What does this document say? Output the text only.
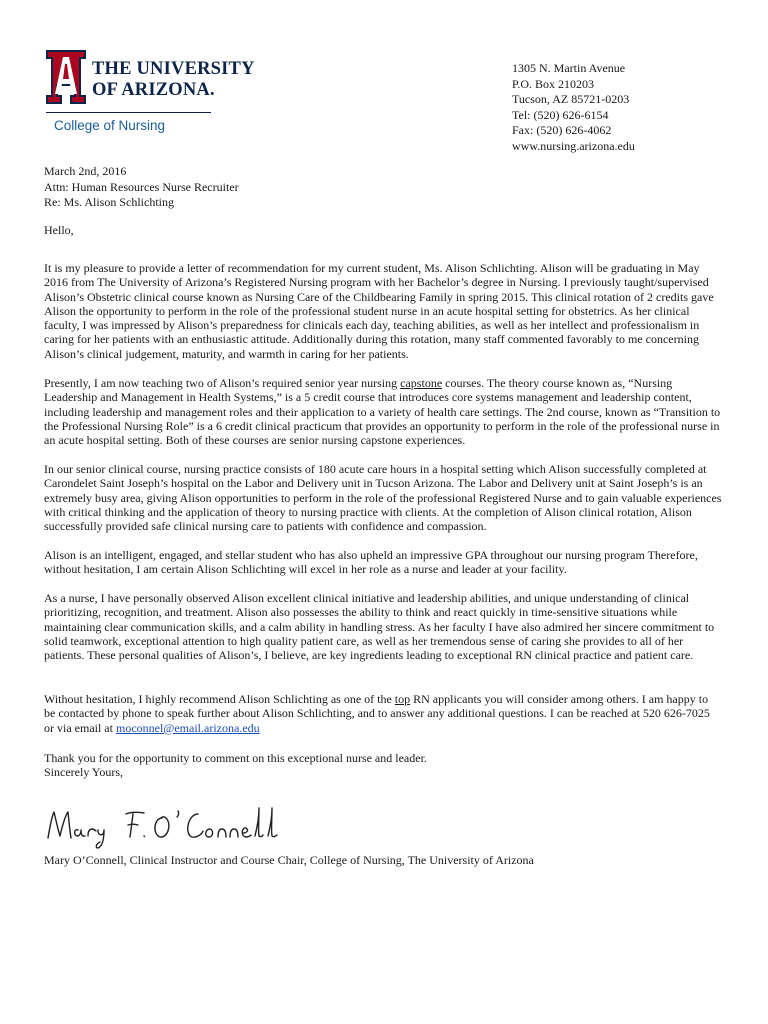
THE UNIVERSITY
OF ARIZONA.
College of Nursing
1305 N. Martin Avenue
P.O. Box 210203
Tucson, AZ 85721-0203
Tel: (520) 626-6154
Fax: (520) 626-4062
www.nursing.arizona.edu
March 2nd, 2016
Attn: Human Resources Nurse Recruiter
Re: Ms. Alison Schlichting
Hello,

It is my pleasure to provide a letter of recommendation for my current student, Ms. Alison Schlichting. Alison will be graduating in May 2016 from The University of Arizona’s Registered Nursing program with her Bachelor’s degree in Nursing. I previously taught/supervised Alison’s Obstetric clinical course known as Nursing Care of the Childbearing Family in spring 2015. This clinical rotation of 2 credits gave Alison the opportunity to perform in the role of the professional student nurse in an acute hospital setting for obstetrics. As her clinical faculty, I was impressed by Alison’s preparedness for clinicals each day, teaching abilities, as well as her intellect and professionalism in caring for her patients with an enthusiastic attitude. Additionally during this rotation, many staff commented favorably to me concerning Alison’s clinical judgement, maturity, and warmth in caring for her patients.

Presently, I am now teaching two of Alison’s required senior year nursing capstone courses. The theory course known as, “Nursing Leadership and Management in Health Systems,” is a 5 credit course that introduces core systems management and leadership content, including leadership and management roles and their application to a variety of health care settings. The 2nd course, known as “Transition to the Professional Nursing Role” is a 6 credit clinical practicum that provides an opportunity to perform in the role of the professional nurse in an acute hospital setting. Both of these courses are senior nursing capstone experiences.

In our senior clinical course, nursing practice consists of 180 acute care hours in a hospital setting which Alison successfully completed at Carondelet Saint Joseph’s hospital on the Labor and Delivery unit in Tucson Arizona. The Labor and Delivery unit at Saint Joseph’s is an extremely busy area, giving Alison opportunities to perform in the role of the professional Registered Nurse and to gain valuable experiences with critical thinking and the application of theory to nursing practice with clients. At the completion of Alison clinical rotation, Alison successfully provided safe clinical nursing care to patients with confidence and compassion.

Alison is an intelligent, engaged, and stellar student who has also upheld an impressive GPA throughout our nursing program Therefore, without hesitation, I am certain Alison Schlichting will excel in her role as a nurse and leader at your facility.

As a nurse, I have personally observed Alison excellent clinical initiative and leadership abilities, and unique understanding of clinical prioritizing, recognition, and treatment. Alison also possesses the ability to think and react quickly in time-sensitive situations while maintaining clear communication skills, and a calm ability in handling stress. As her faculty I have also admired her sincere commitment to solid teamwork, exceptional attention to high quality patient care, as well as her tremendous sense of caring she provides to all of her patients. These personal qualities of Alison’s, I believe, are key ingredients leading to exceptional RN clinical practice and patient care.

Without hesitation, I highly recommend Alison Schlichting as one of the top RN applicants you will consider among others. I am happy to be contacted by phone to speak further about Alison Schlichting, and to answer any additional questions. I can be reached at 520 626-7025 or via email at moconnel@email.arizona.edu

Thank you for the opportunity to comment on this exceptional nurse and leader.

Sincerely Yours,
Mary O’Connell, Clinical Instructor and Course Chair, College of Nursing, The University of Arizona
